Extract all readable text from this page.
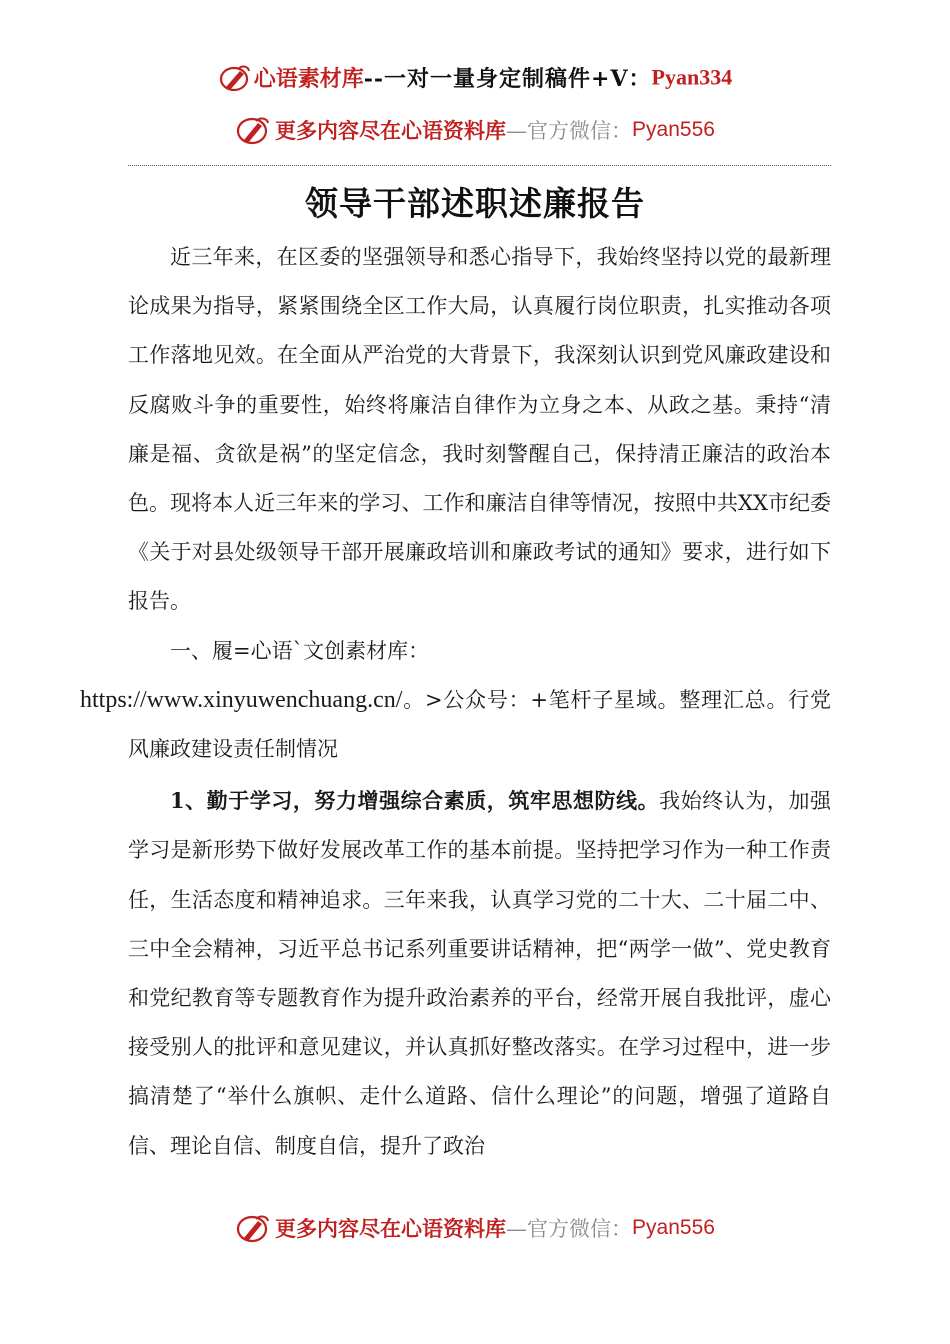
心语素材库--一对一量身定制稿件+V：Pyan334
更多内容尽在心语资料库—官方微信：Pyan556
领导干部述职述廉报告

近三年来，在区委的坚强领导和悉心指导下，我始终坚持以党的最新理论成果为指导，紧紧围绕全区工作大局，认真履行岗位职责，扎实推动各项工作落地见效。在全面从严治党的大背景下，我深刻认识到党风廉政建设和反腐败斗争的重要性，始终将廉洁自律作为立身之本、从政之基。秉持“清廉是福、贪欲是祸”的坚定信念，我时刻警醒自己，保持清正廉洁的政治本色。现将本人近三年来的学习、工作和廉洁自律等情况，按照中共XX市纪委《关于对县处级领导干部开展廉政培训和廉政考试的通知》要求，进行如下报告。

一、履=心语`文创素材库：
https://www.xinyuwenchuang.cn/。>公众号：+笔杆子星域。整理汇总。行党风廉政建设责任制情况

1、勤于学习，努力增强综合素质，筑牢思想防线。我始终认为，加强学习是新形势下做好发展改革工作的基本前提。坚持把学习作为一种工作责任，生活态度和精神追求。三年来我，认真学习党的二十大、二十届二中、三中全会精神，习近平总书记系列重要讲话精神，把“两学一做”、党史教育和党纪教育等专题教育作为提升政治素养的平台，经常开展自我批评，虚心接受别人的批评和意见建议，并认真抓好整改落实。在学习过程中，进一步搞清楚了“举什么旗帜、走什么道路、信什么理论”的问题，增强了道路自信、理论自信、制度自信，提升了政治

更多内容尽在心语资料库—官方微信：Pyan556
